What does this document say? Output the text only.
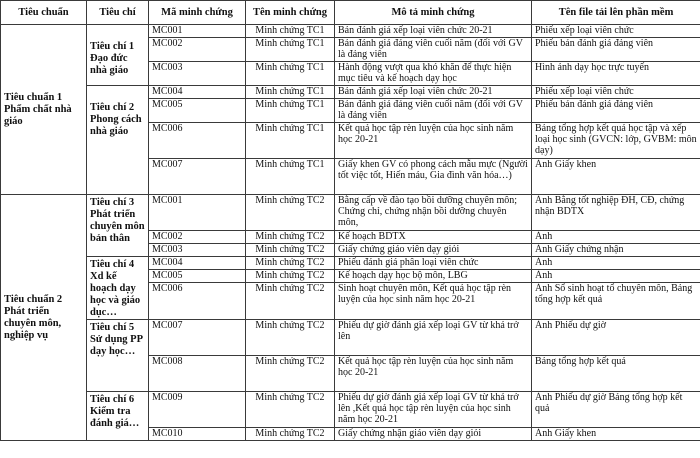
Tiêu chuẩn	Tiêu chí	Mã minh chứng	Tên minh chứng	Mô tả minh chứng	Tên file tải lên phần mềm
Tiêu chuẩn 1 Phẩm chất nhà giáo	Tiêu chí 1 Đạo đức nhà giáo	MC001	Minh chứng TC1	Bản đánh giá xếp loại viên chức 20-21	Phiếu xếp loại viên chức
		MC002	Minh chứng TC1	Bản đánh giá đảng viên cuối năm (đối với GV là đảng viên	Phiếu bản đánh giá đảng viên
		MC003	Minh chứng TC1	Hành động vượt qua khó khăn để thực hiện mục tiêu và kế hoạch dạy học	Hình ảnh dạy học trực tuyến
	Tiêu chí 2 Phong cách nhà giáo	MC004	Minh chứng TC1	Bản đánh giá xếp loại viên chức 20-21	Phiếu xếp loại viên chức
		MC005	Minh chứng TC1	Bản đánh giá đảng viên cuối năm (đối với GV là đảng viên	Phiếu bản đánh giá đảng viên
		MC006	Minh chứng TC1	Kết quả học tập rèn luyện của học sinh năm học 20-21	Bảng tổng hợp kết quả học tập và xếp loại học sinh (GVCN: lớp, GVBM: môn dạy)
		MC007	Minh chứng TC1	Giấy khen GV có phong cách mẫu mực (Người tốt việc tốt, Hiến máu, Gia đình văn hóa…)	Ảnh Giấy khen
Tiêu chuẩn 2 Phát triển chuyên môn, nghiệp vụ	Tiêu chí 3 Phát triển chuyên môn bản thân	MC001	Minh chứng TC2	Bằng cấp về đào tạo bồi dưỡng chuyên môn; Chứng chỉ, chứng nhận bồi dưỡng chuyên môn,	Ảnh Bằng tốt nghiệp ĐH, CĐ, chứng nhận BDTX
		MC002	Minh chứng TC2	Kế hoạch BDTX	Ảnh
		MC003	Minh chứng TC2	Giấy chứng giáo viên dạy giỏi	Ảnh Giấy chứng nhận
	Tiêu chí 4 Xd kế hoạch dạy học và giáo dục…	MC004	Minh chứng TC2	Phiếu đánh giá phân loại viên chức	Ảnh
		MC005	Minh chứng TC2	Kế hoạch dạy học bộ môn, LBG	Ảnh
		MC006	Minh chứng TC2	Sinh hoạt chuyên môn, Kết quả học tập rèn luyện của học sinh năm học 20-21	Ảnh Sổ sinh hoạt tổ chuyên môn, Bảng tổng hợp kết quả
	Tiêu chí 5 Sử dụng PP dạy học…	MC007	Minh chứng TC2	Phiếu dự giờ đánh giá xếp loại GV từ khá trở lên	Ảnh Phiếu dự giờ
		MC008	Minh chứng TC2	Kết quả học tập rèn luyện của học sinh năm học 20-21	Bảng tổng hợp kết quả
	Tiêu chí 6 Kiểm tra đánh giá…	MC009	Minh chứng TC2	Phiếu dự giờ đánh giá xếp loại GV từ khá trở lên ,Kết quả học tập rèn luyện của học sinh năm học 20-21	Ảnh Phiếu dự giờ Bảng tổng hợp kết quả
		MC010	Minh chứng TC2	Giấy chứng nhận giáo viên dạy giỏi	Ảnh Giấy khen
